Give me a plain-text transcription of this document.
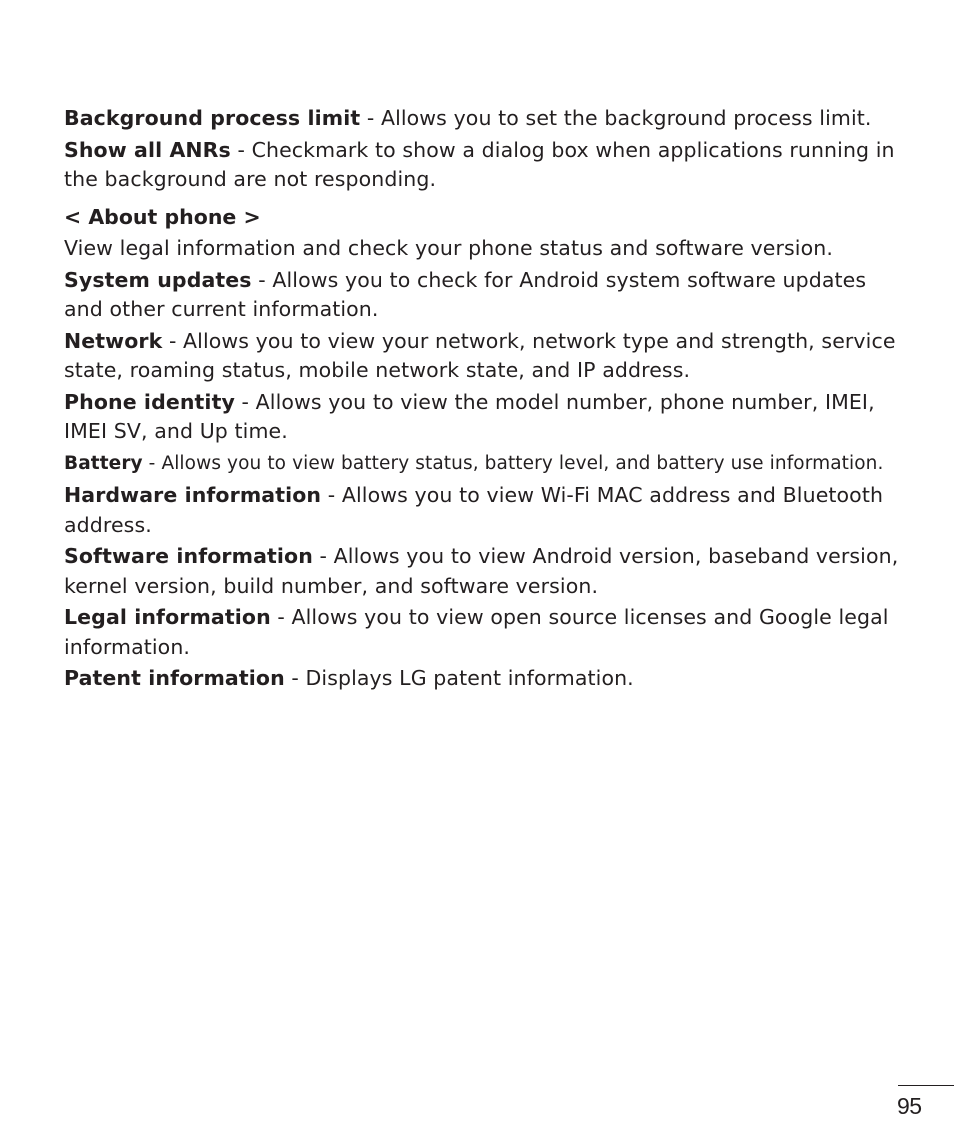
Background process limit - Allows you to set the background process limit.

Show all ANRs - Checkmark to show a dialog box when applications running in the background are not responding.

< About phone >

View legal information and check your phone status and software version.

System updates - Allows you to check for Android system software updates and other current information.

Network - Allows you to view your network, network type and strength, service state, roaming status, mobile network state, and IP address.

Phone identity - Allows you to view the model number, phone number, IMEI, IMEI SV, and Up time.

Battery - Allows you to view battery status, battery level, and battery use information.

Hardware information - Allows you to view Wi-Fi MAC address and Bluetooth address.

Software information - Allows you to view Android version, baseband version, kernel version, build number, and software version.

Legal information - Allows you to view open source licenses and Google legal information.

Patent information - Displays LG patent information.

95
